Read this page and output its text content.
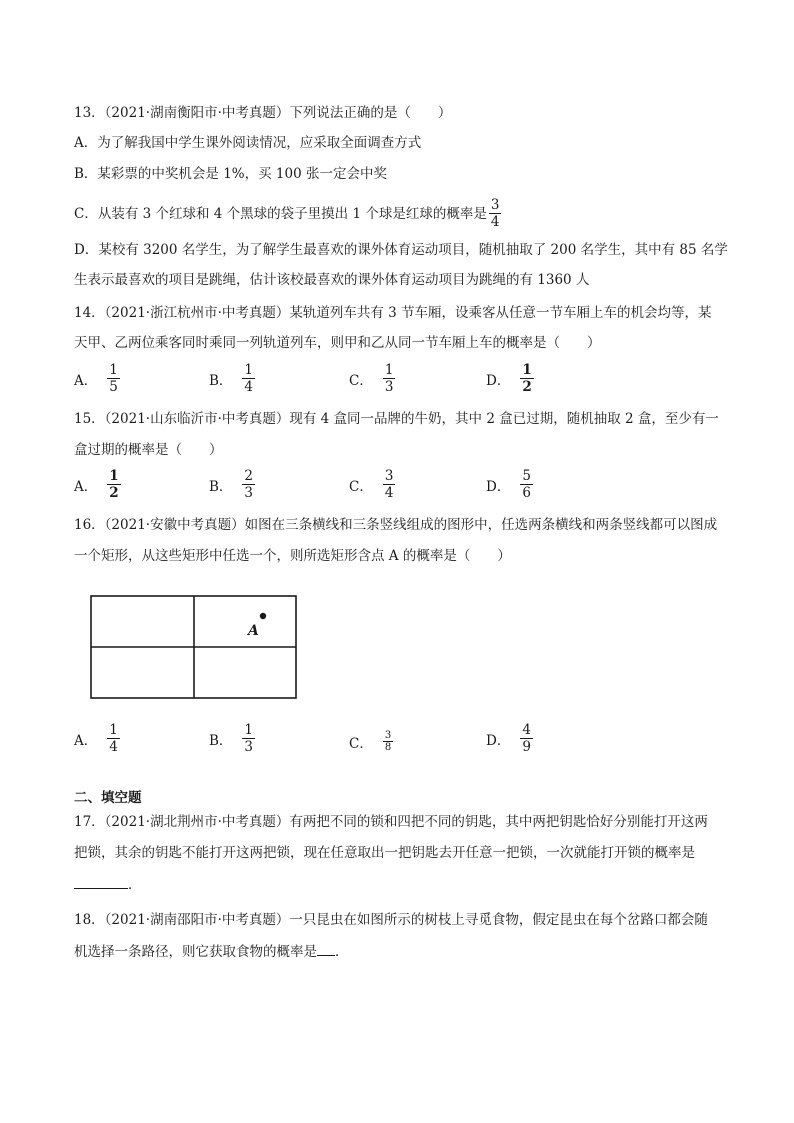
13．（2021·湖南衡阳市·中考真题）下列说法正确的是（　　）
A．为了解我国中学生课外阅读情况，应采取全面调查方式
B．某彩票的中奖机会是 1%，买 100 张一定会中奖
C．从装有 3 个红球和 4 个黑球的袋子里摸出 1 个球是红球的概率是 $\frac{3}{4}$
D．某校有 3200 名学生，为了解学生最喜欢的课外体育运动项目，随机抽取了 200 名学生，其中有 85 名学
生表示最喜欢的项目是跳绳，估计该校最喜欢的课外体育运动项目为跳绳的有 1360 人
14．（2021·浙江杭州市·中考真题）某轨道列车共有 3 节车厢，设乘客从任意一节车厢上车的机会均等，某
天甲、乙两位乘客同时乘同一列轨道列车，则甲和乙从同一节车厢上车的概率是（　　）
A． $\frac{1}{5}$	B． $\frac{1}{4}$	C． $\frac{1}{3}$	D． $\frac{1}{2}$
15．（2021·山东临沂市·中考真题）现有 4 盒同一品牌的牛奶，其中 2 盒已过期，随机抽取 2 盒，至少有一
盒过期的概率是（　　）
A． $\frac{1}{2}$	B． $\frac{2}{3}$	C． $\frac{3}{4}$	D． $\frac{5}{6}$
16．（2021·安徽中考真题）如图在三条横线和三条竖线组成的图形中，任选两条横线和两条竖线都可以图成
一个矩形，从这些矩形中任选一个，则所选矩形含点 A 的概率是（　　）
A
A． $\frac{1}{4}$	B． $\frac{1}{3}$	C． $\frac{3}{8}$	D． $\frac{4}{9}$
二、填空题
17．（2021·湖北荆州市·中考真题）有两把不同的锁和四把不同的钥匙，其中两把钥匙恰好分别能打开这两
把锁，其余的钥匙不能打开这两把锁，现在任意取出一把钥匙去开任意一把锁，一次就能打开锁的概率是
．
18．（2021·湖南邵阳市·中考真题）一只昆虫在如图所示的树枝上寻觅食物，假定昆虫在每个岔路口都会随
机选择一条路径，则它获取食物的概率是 ．
